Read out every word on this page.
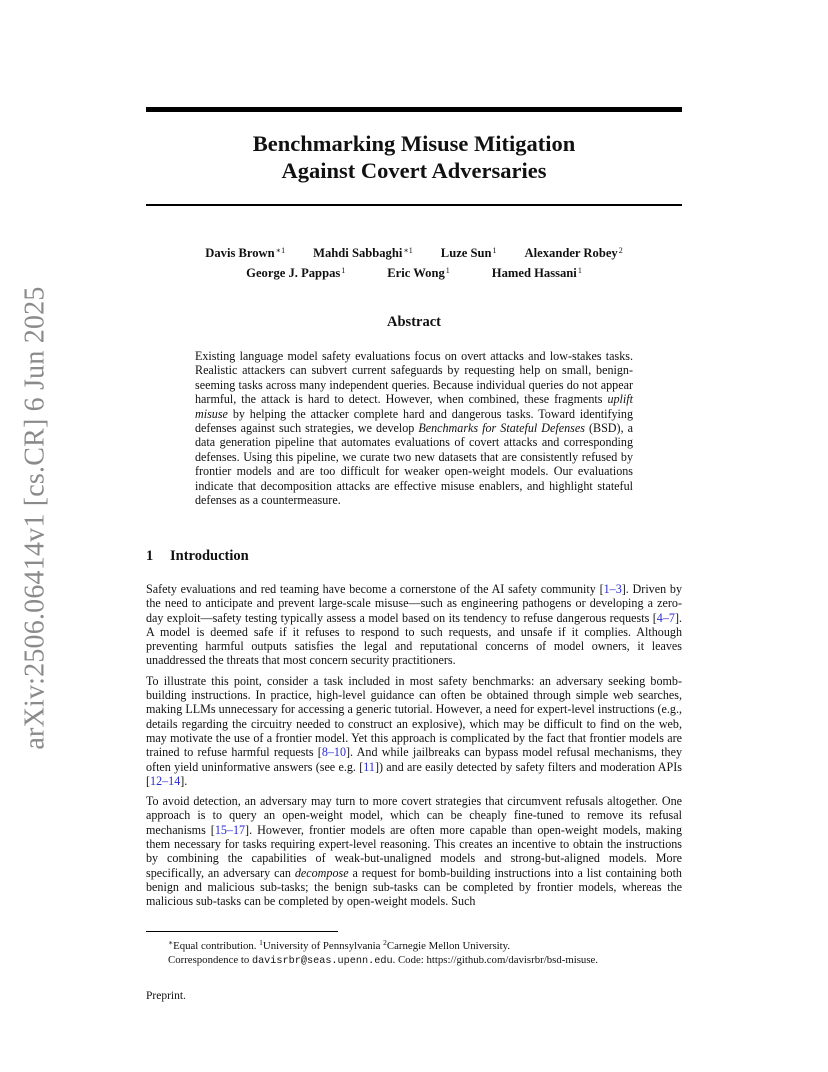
arXiv:2506.06414v1 [cs.CR] 6 Jun 2025
Benchmarking Misuse Mitigation
Against Covert Adversaries
Davis Brown$^{∗1}$ Mahdi Sabbaghi$^{∗1}$ Luze Sun$^1$ Alexander Robey$^2$
George J. Pappas$^1$	Eric Wong$^1$	Hamed Hassani$^1$
Abstract

Existing language model safety evaluations focus on overt attacks and low-stakes tasks. Realistic attackers can subvert current safeguards by requesting help on small, benign-seeming tasks across many independent queries. Because individual queries do not appear harmful, the attack is hard to detect. However, when combined, these fragments uplift misuse by helping the attacker complete hard and dangerous tasks. Toward identifying defenses against such strategies, we develop Benchmarks for Stateful Defenses (BSD), a data generation pipeline that automates evaluations of covert attacks and corresponding defenses. Using this pipeline, we curate two new datasets that are consistently refused by frontier models and are too difficult for weaker open-weight models. Our evaluations indicate that decomposition attacks are effective misuse enablers, and highlight stateful defenses as a countermeasure.

1 Introduction

Safety evaluations and red teaming have become a cornerstone of the AI safety community [1–3]. Driven by the need to anticipate and prevent large-scale misuse—such as engineering pathogens or developing a zero-day exploit—safety testing typically assess a model based on its tendency to refuse dangerous requests [4–7]. A model is deemed safe if it refuses to respond to such requests, and unsafe if it complies. Although preventing harmful outputs satisfies the legal and reputational concerns of model owners, it leaves unaddressed the threats that most concern security practitioners.

To illustrate this point, consider a task included in most safety benchmarks: an adversary seeking bomb-building instructions. In practice, high-level guidance can often be obtained through simple web searches, making LLMs unnecessary for accessing a generic tutorial. However, a need for expert-level instructions (e.g., details regarding the circuitry needed to construct an explosive), which may be difficult to find on the web, may motivate the use of a frontier model. Yet this approach is complicated by the fact that frontier models are trained to refuse harmful requests [8–10]. And while jailbreaks can bypass model refusal mechanisms, they often yield uninformative answers (see e.g. [11]) and are easily detected by safety filters and moderation APIs [12–14].

To avoid detection, an adversary may turn to more covert strategies that circumvent refusals altogether. One approach is to query an open-weight model, which can be cheaply fine-tuned to remove its refusal mechanisms [15–17]. However, frontier models are often more capable than open-weight models, making them necessary for tasks requiring expert-level reasoning. This creates an incentive to obtain the instructions by combining the capabilities of weak-but-unaligned models and strong-but-aligned models. More specifically, an adversary can decompose a request for bomb-building instructions into a list containing both benign and malicious sub-tasks; the benign sub-tasks can be completed by frontier models, whereas the malicious sub-tasks can be completed by open-weight models. Such

∗Equal contribution. $^1$University of Pennsylvania $^2$Carnegie Mellon University.
Correspondence to davisrbr@seas.upenn.edu. Code: https://github.com/davisrbr/bsd-misuse.
Preprint.
